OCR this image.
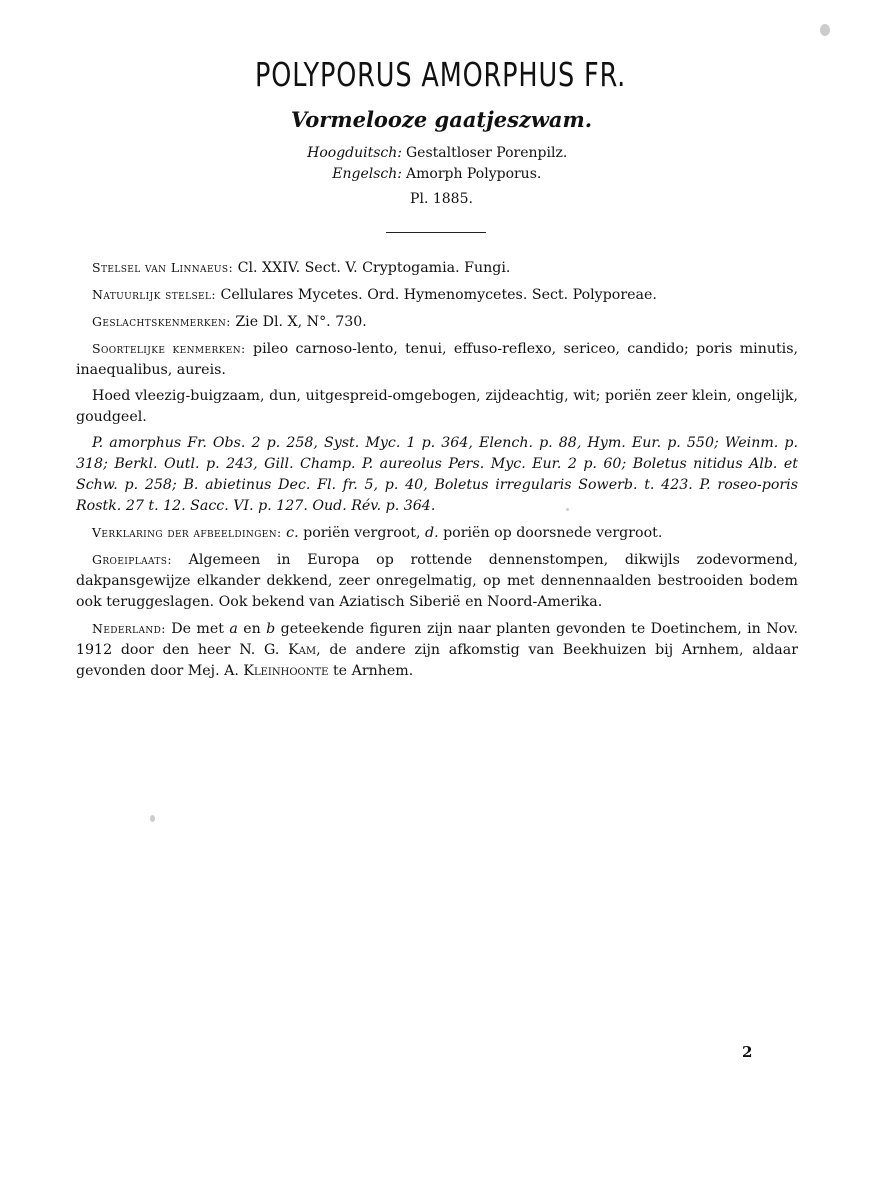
POLYPORUS AMORPHUS FR.
Vormelooze gaatjeszwam.
Hoogduitsch: Gestaltloser Porenpilz.
Engelsch: Amorph Polyporus.
Pl. 1885.

Stelsel van Linnaeus: Cl. XXIV. Sect. V. Cryptogamia. Fungi.

Natuurlijk stelsel: Cellulares Mycetes. Ord. Hymenomycetes. Sect. Polyporeae.

Geslachtskenmerken: Zie Dl. X, N°. 730.

Soortelijke kenmerken: pileo carnoso-lento, tenui, effuso-reflexo, sericeo, candido; poris minutis, inaequalibus, aureis.

Hoed vleezig-buigzaam, dun, uitgespreid-omgebogen, zijdeachtig, wit; poriën zeer klein, ongelijk, goudgeel.

P. amorphus Fr. Obs. 2 p. 258, Syst. Myc. 1 p. 364, Elench. p. 88, Hym. Eur. p. 550; Weinm. p. 318; Berkl. Outl. p. 243, Gill. Champ. P. aureolus Pers. Myc. Eur. 2 p. 60; Boletus nitidus Alb. et Schw. p. 258; B. abietinus Dec. Fl. fr. 5, p. 40, Boletus irregularis Sowerb. t. 423. P. roseo-poris Rostk. 27 t. 12. Sacc. VI. p. 127. Oud. Rév. p. 364.

Verklaring der afbeeldingen: c. poriën vergroot, d. poriën op doorsnede vergroot.

Groeiplaats: Algemeen in Europa op rottende dennenstompen, dikwijls zodevormend, dakpansgewijze elkander dekkend, zeer onregelmatig, op met dennennaalden bestrooiden bodem ook teruggeslagen. Ook bekend van Aziatisch Siberië en Noord-Amerika.

Nederland: De met a en b geteekende figuren zijn naar planten gevonden te Doetinchem, in Nov. 1912 door den heer N. G. Kam, de andere zijn afkomstig van Beekhuizen bij Arnhem, aldaar gevonden door Mej. A. Kleinhoonte te Arnhem.

2
